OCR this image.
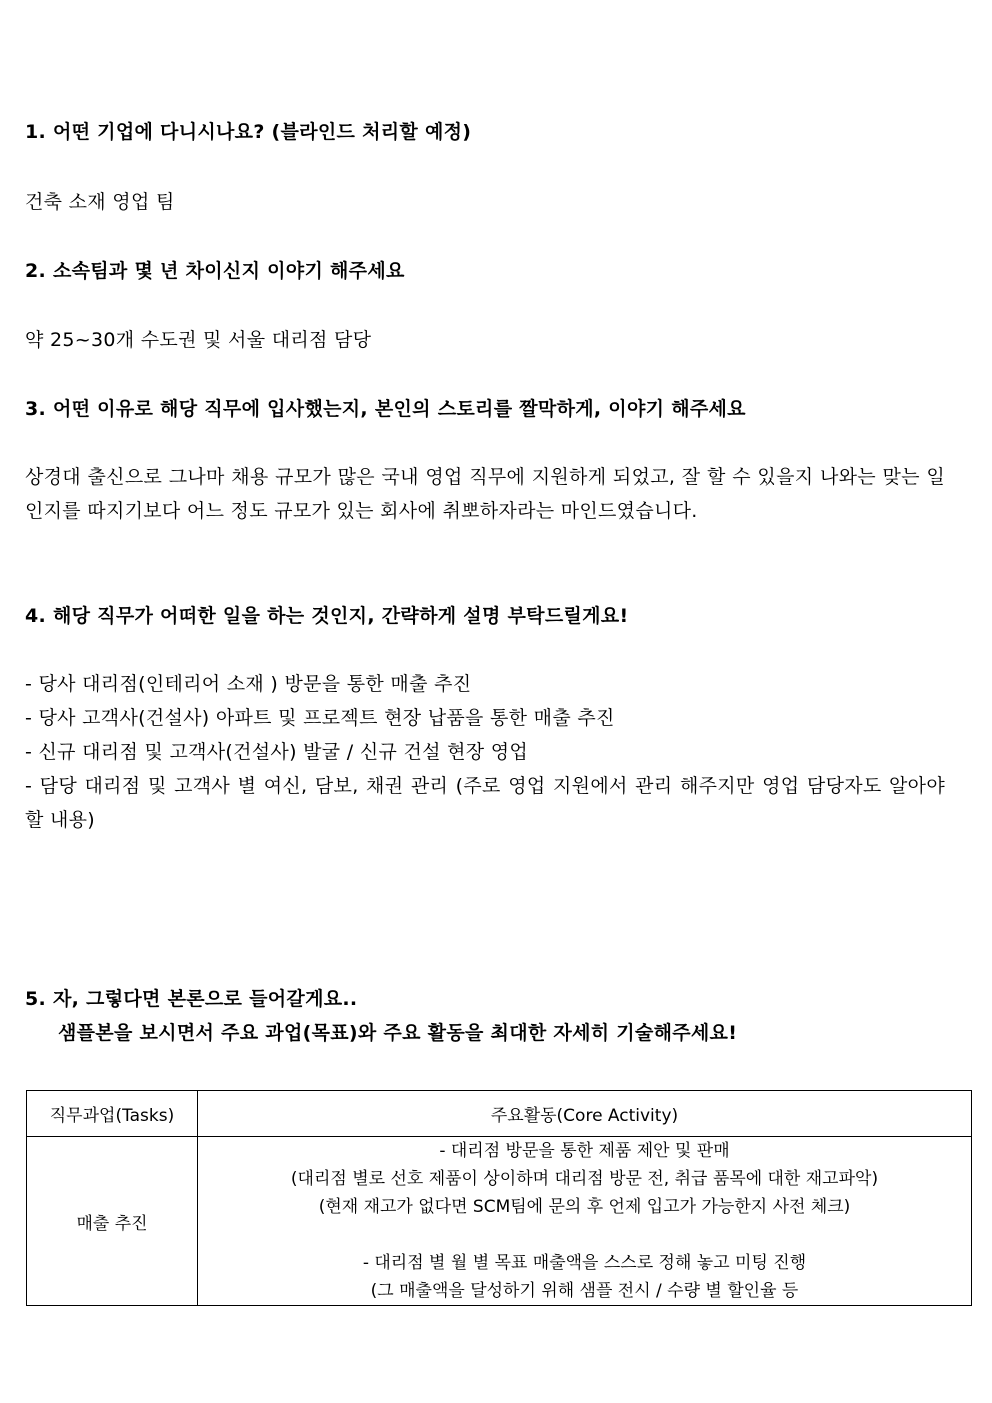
1. 어떤 기업에 다니시나요? (블라인드 처리할 예정)
건축 소재 영업 팀
2. 소속팀과 몇 년 차이신지 이야기 해주세요
약 25~30개 수도권 및 서울 대리점 담당
3. 어떤 이유로 해당 직무에 입사했는지, 본인의 스토리를 짤막하게, 이야기 해주세요
상경대 출신으로 그나마 채용 규모가 많은 국내 영업 직무에 지원하게 되었고, 잘 할 수 있을지 나와는 맞는 일인지를 따지기보다 어느 정도 규모가 있는 회사에 취뽀하자라는 마인드였습니다.
4. 해당 직무가 어떠한 일을 하는 것인지, 간략하게 설명 부탁드릴게요!
- 당사 대리점(인테리어 소재 ) 방문을 통한 매출 추진
- 당사 고객사(건설사) 아파트 및 프로젝트 현장 납품을 통한 매출 추진
- 신규 대리점 및 고객사(건설사) 발굴 / 신규 건설 현장 영업
- 담당 대리점 및 고객사 별 여신, 담보, 채권 관리 (주로 영업 지원에서 관리 해주지만 영업 담당자도 알아야 할 내용)
5. 자, 그렇다면 본론으로 들어갈게요..
샘플본을 보시면서 주요 과업(목표)와 주요 활동을 최대한 자세히 기술해주세요!
직무과업(Tasks)	주요활동(Core Activity)
매출 추진	- 대리점 방문을 통한 제품 제안 및 판매
(대리점 별로 선호 제품이 상이하며 대리점 방문 전, 취급 품목에 대한 재고파악)
(현재 재고가 없다면 SCM팀에 문의 후 언제 입고가 가능한지 사전 체크)
- 대리점 별 월 별 목표 매출액을 스스로 정해 놓고 미팅 진행
(그 매출액을 달성하기 위해 샘플 전시 / 수량 별 할인율 등
